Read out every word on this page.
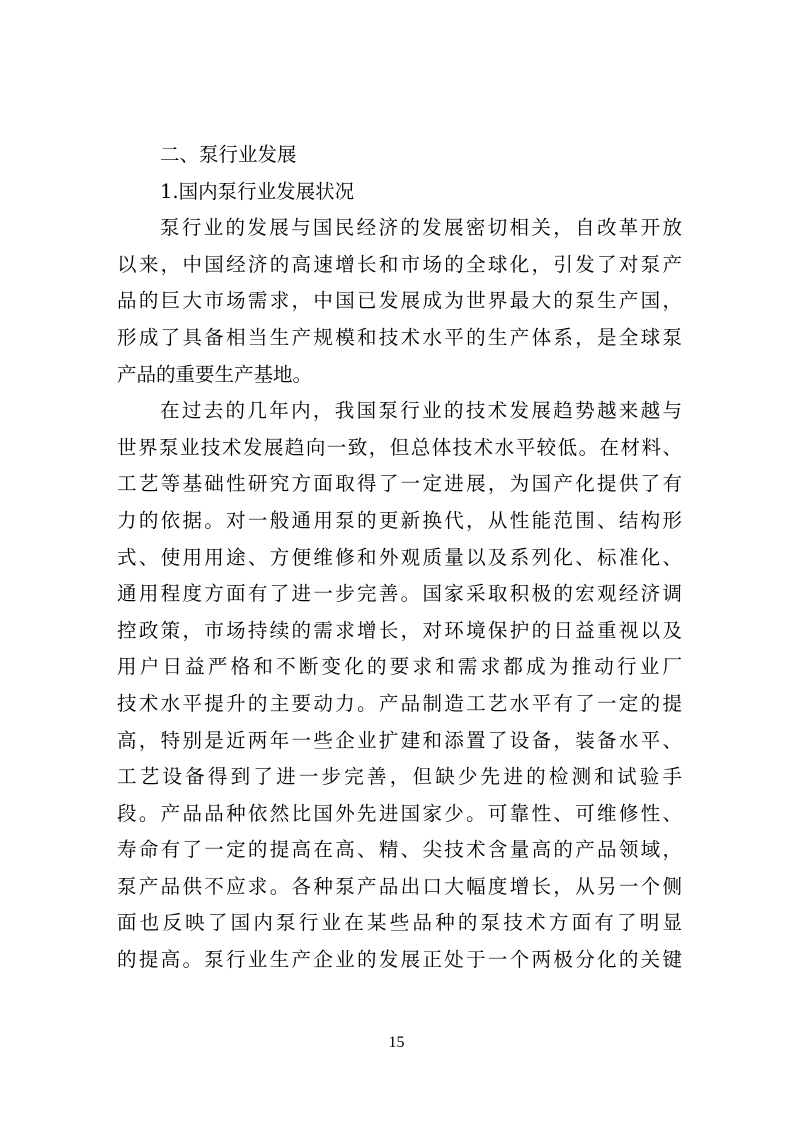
二、泵行业发展
1.国内泵行业发展状况
泵行业的发展与国民经济的发展密切相关，自改革开放
以来，中国经济的高速增长和市场的全球化，引发了对泵产
品的巨大市场需求，中国已发展成为世界最大的泵生产国，
形成了具备相当生产规模和技术水平的生产体系，是全球泵
产品的重要生产基地。
在过去的几年内，我国泵行业的技术发展趋势越来越与
世界泵业技术发展趋向一致，但总体技术水平较低。在材料、
工艺等基础性研究方面取得了一定进展，为国产化提供了有
力的依据。对一般通用泵的更新换代，从性能范围、结构形
式、使用用途、方便维修和外观质量以及系列化、标准化、
通用程度方面有了进一步完善。国家采取积极的宏观经济调
控政策，市场持续的需求增长，对环境保护的日益重视以及
用户日益严格和不断变化的要求和需求都成为推动行业厂
技术水平提升的主要动力。产品制造工艺水平有了一定的提
高，特别是近两年一些企业扩建和添置了设备，装备水平、
工艺设备得到了进一步完善，但缺少先进的检测和试验手
段。产品品种依然比国外先进国家少。可靠性、可维修性、
寿命有了一定的提高在高、精、尖技术含量高的产品领域，
泵产品供不应求。各种泵产品出口大幅度增长，从另一个侧
面也反映了国内泵行业在某些品种的泵技术方面有了明显
的提高。泵行业生产企业的发展正处于一个两极分化的关键
15
